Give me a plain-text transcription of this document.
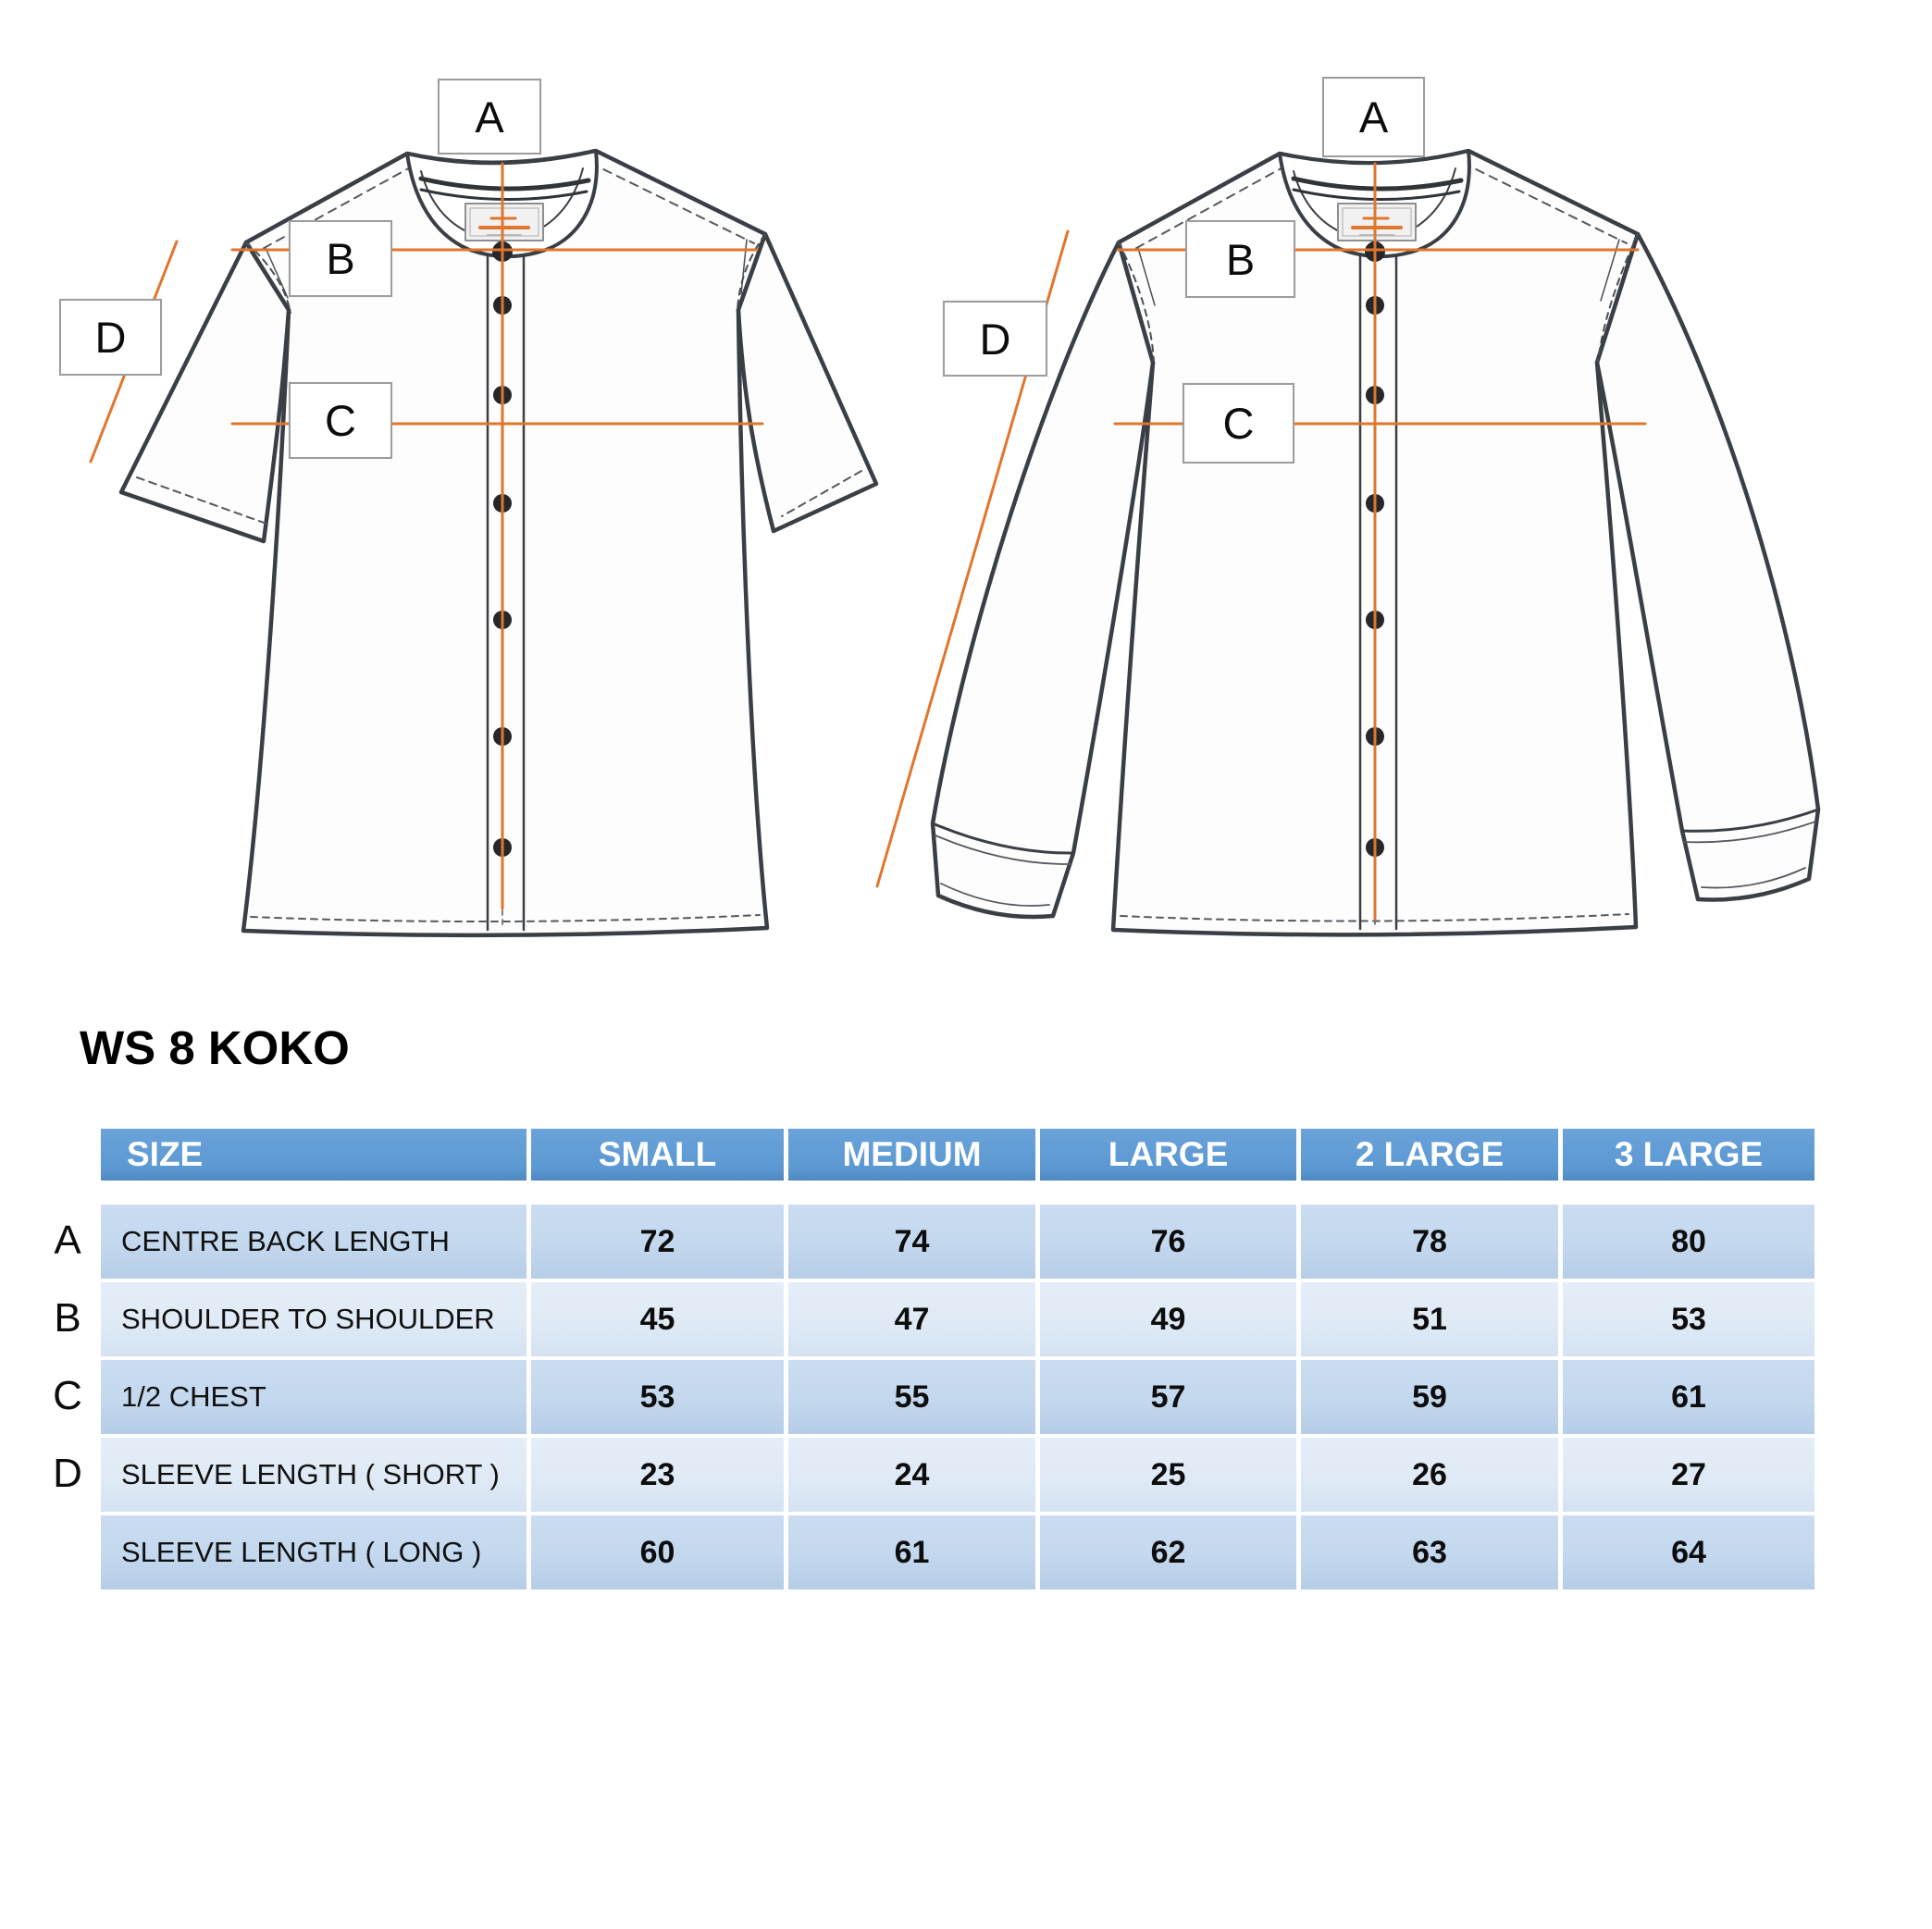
A
B
C
D
A
B
C
D
WS 8 KOKO
A
B
C
D
SIZE	SMALL	MEDIUM	LARGE	2 LARGE	3 LARGE
CENTRE BACK LENGTH	72	74	76	78	80
SHOULDER TO SHOULDER	45	47	49	51	53
1/2 CHEST	53	55	57	59	61
SLEEVE LENGTH ( SHORT )	23	24	25	26	27
SLEEVE LENGTH ( LONG )	60	61	62	63	64
